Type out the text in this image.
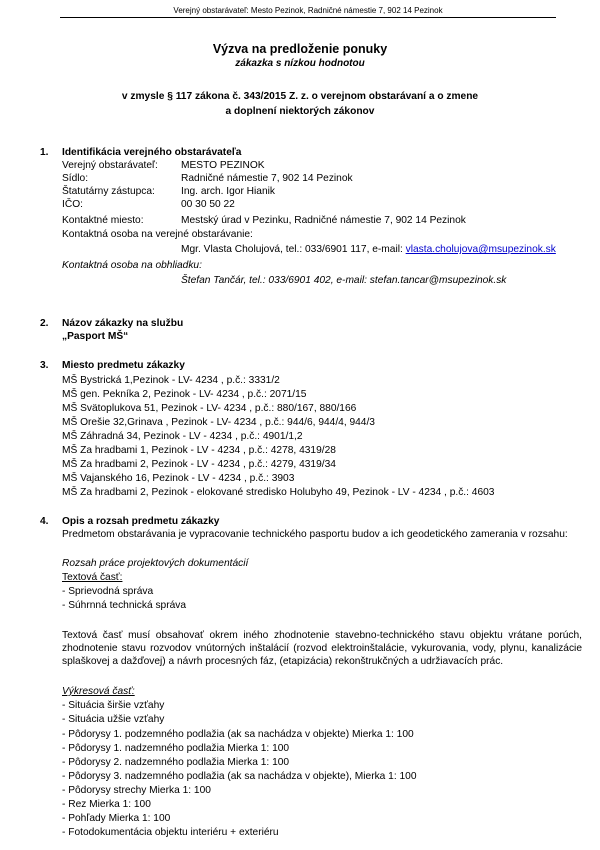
Verejný obstarávateľ: Mesto Pezinok, Radničné námestie 7, 902 14 Pezinok
Výzva na predloženie ponuky
zákazka s nízkou hodnotou
v zmysle § 117 zákona č. 343/2015 Z. z. o verejnom obstarávaní a o zmene
a doplnení niektorých zákonov
1. Identifikácia verejného obstarávateľa
Verejný obstarávateľ: MESTO PEZINOK
Sídlo:	Radničné námestie 7, 902 14 Pezinok
Štatutárny zástupca:	Ing. arch. Igor Hianik
IČO:	00 30 50 22
Kontaktné miesto:	Mestský úrad v Pezinku, Radničné námestie 7, 902 14 Pezinok
Kontaktná osoba na verejné obstarávanie:
Mgr. Vlasta Cholujová, tel.: 033/6901 117, e-mail: vlasta.cholujova@msupezinok.sk
Kontaktná osoba na obhliadku:
Štefan Tančár, tel.: 033/6901 402, e-mail: stefan.tancar@msupezinok.sk
2. Názov zákazky na službu
„Pasport MŠ“
3. Miesto predmetu zákazky
MŠ Bystrická 1,Pezinok - LV- 4234 , p.č.: 3331/2
MŠ gen. Pekníka 2, Pezinok - LV- 4234 , p.č.: 2071/15
MŠ Svätoplukova 51, Pezinok - LV- 4234 , p.č.: 880/167, 880/166
MŠ Orešie 32,Grinava , Pezinok - LV- 4234 , p.č.: 944/6, 944/4, 944/3
MŠ Záhradná 34, Pezinok - LV - 4234 , p.č.: 4901/1,2
MŠ Za hradbami 1, Pezinok - LV - 4234 , p.č.: 4278, 4319/28
MŠ Za hradbami 2, Pezinok - LV - 4234 , p.č.: 4279, 4319/34
MŠ Vajanského 16, Pezinok - LV - 4234 , p.č.: 3903
MŠ Za hradbami 2, Pezinok - elokované stredisko Holubyho 49, Pezinok - LV - 4234 , p.č.: 4603
4. Opis a rozsah predmetu zákazky
Predmetom obstarávania je vypracovanie technického pasportu budov a ich geodetického zamerania v rozsahu:
Rozsah práce projektových dokumentácií
Textová časť:
- Sprievodná správa
- Súhrnná technická správa
Textová časť musí obsahovať okrem iného zhodnotenie stavebno-technického stavu objektu vrátane porúch, zhodnotenie stavu rozvodov vnútorných inštalácií (rozvod elektroinštalácie, vykurovania, vody, plynu, kanalizácie splaškovej a dažďovej) a návrh procesných fáz, (etapizácia) rekonštrukčných a udržiavacích prác.
Výkresová časť:
- Situácia širšie vzťahy
- Situácia užšie vzťahy
- Pôdorysy 1. podzemného podlažia (ak sa nachádza v objekte) Mierka 1: 100
- Pôdorysy 1. nadzemného podlažia Mierka 1: 100
- Pôdorysy 2. nadzemného podlažia Mierka 1: 100
- Pôdorysy 3. nadzemného podlažia (ak sa nachádza v objekte), Mierka 1: 100
- Pôdorysy strechy Mierka 1: 100
- Rez Mierka 1: 100
- Pohľady Mierka 1: 100
- Fotodokumentácia objektu interiéru + exteriéru
